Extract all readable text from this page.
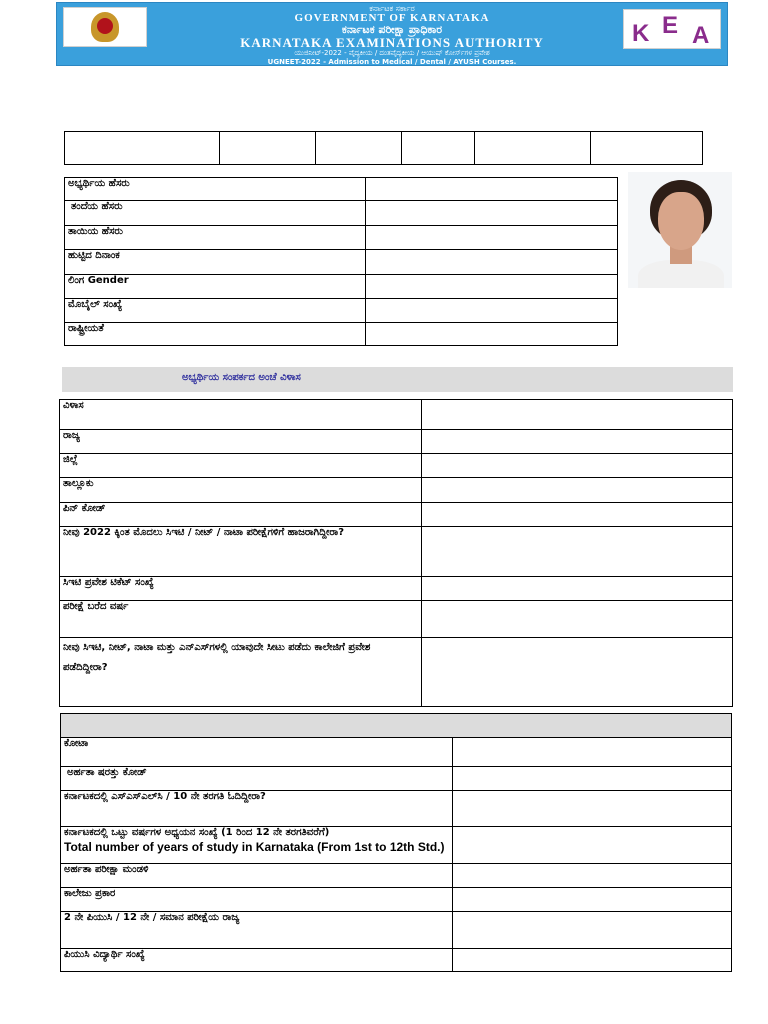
ಕರ್ನಾಟಕ ಸರ್ಕಾರ
GOVERNMENT OF KARNATAKA
ಕರ್ನಾಟಕ ಪರೀಕ್ಷಾ ಪ್ರಾಧಿಕಾರ
KARNATAKA EXAMINATIONS AUTHORITY
ಯುಜಿನೀಟ್-2022 - ವೈದ್ಯಕೀಯ / ದಂತವೈದ್ಯಕೀಯ / ಆಯುಷ್ ಕೋರ್ಸ್‌ಗಳ ಪ್ರವೇಶ
UGNEET-2022 - Admission to Medical / Dental / AYUSH Courses.
K E A

ಅಭ್ಯರ್ಥಿಯ ಹೆಸರು	
ತಂದೆಯ ಹೆಸರು	
ತಾಯಿಯ ಹೆಸರು	
ಹುಟ್ಟಿದ ದಿನಾಂಕ	
ಲಿಂಗ Gender	
ಮೊಬೈಲ್ ಸಂಖ್ಯೆ	
ರಾಷ್ಟ್ರೀಯತೆ	
ಅಭ್ಯರ್ಥಿಯ ಸಂಪರ್ಕದ ಅಂಚೆ ವಿಳಾಸ
ವಿಳಾಸ	
ರಾಜ್ಯ	
ಜಿಲ್ಲೆ	
ತಾಲ್ಲೂಕು	
ಪಿನ್ ಕೋಡ್	
ನೀವು 2022 ಕ್ಕಿಂತ ಮೊದಲು ಸಿಇಟಿ / ನೀಟ್ / ನಾಟಾ ಪರೀಕ್ಷೆಗಳಿಗೆ ಹಾಜರಾಗಿದ್ದೀರಾ?	
ಸಿಇಟಿ ಪ್ರವೇಶ ಟಿಕೆಟ್ ಸಂಖ್ಯೆ	
ಪರೀಕ್ಷೆ ಬರೆದ ವರ್ಷ	
ನೀವು ಸಿಇಟಿ, ನೀಟ್, ನಾಟಾ ಮತ್ತು ಎನ್‌ಎಸ್‌ಗಳಲ್ಲಿ ಯಾವುದೇ ಸೀಟು ಪಡೆದು ಕಾಲೇಜಿಗೆ ಪ್ರವೇಶ ಪಡೆದಿದ್ದೀರಾ?	

ಕೋಟಾ	
ಅರ್ಹತಾ ಷರತ್ತು ಕೋಡ್	
ಕರ್ನಾಟಕದಲ್ಲಿ ಎಸ್‌ಎಸ್‌ಎಲ್‌ಸಿ / 10 ನೇ ತರಗತಿ ಓದಿದ್ದೀರಾ?	
ಕರ್ನಾಟಕದಲ್ಲಿ ಒಟ್ಟು ವರ್ಷಗಳ ಅಧ್ಯಯನ ಸಂಖ್ಯೆ (1 ರಿಂದ 12 ನೇ ತರಗತಿವರೆಗೆ)
Total number of years of study in Karnataka (From 1st to 12th Std.)	

ಅರ್ಹತಾ ಪರೀಕ್ಷಾ ಮಂಡಳಿ	
ಕಾಲೇಜು ಪ್ರಕಾರ	
2 ನೇ ಪಿಯುಸಿ / 12 ನೇ / ಸಮಾನ ಪರೀಕ್ಷೆಯ ರಾಜ್ಯ	
ಪಿಯುಸಿ ವಿದ್ಯಾರ್ಥಿ ಸಂಖ್ಯೆ	
